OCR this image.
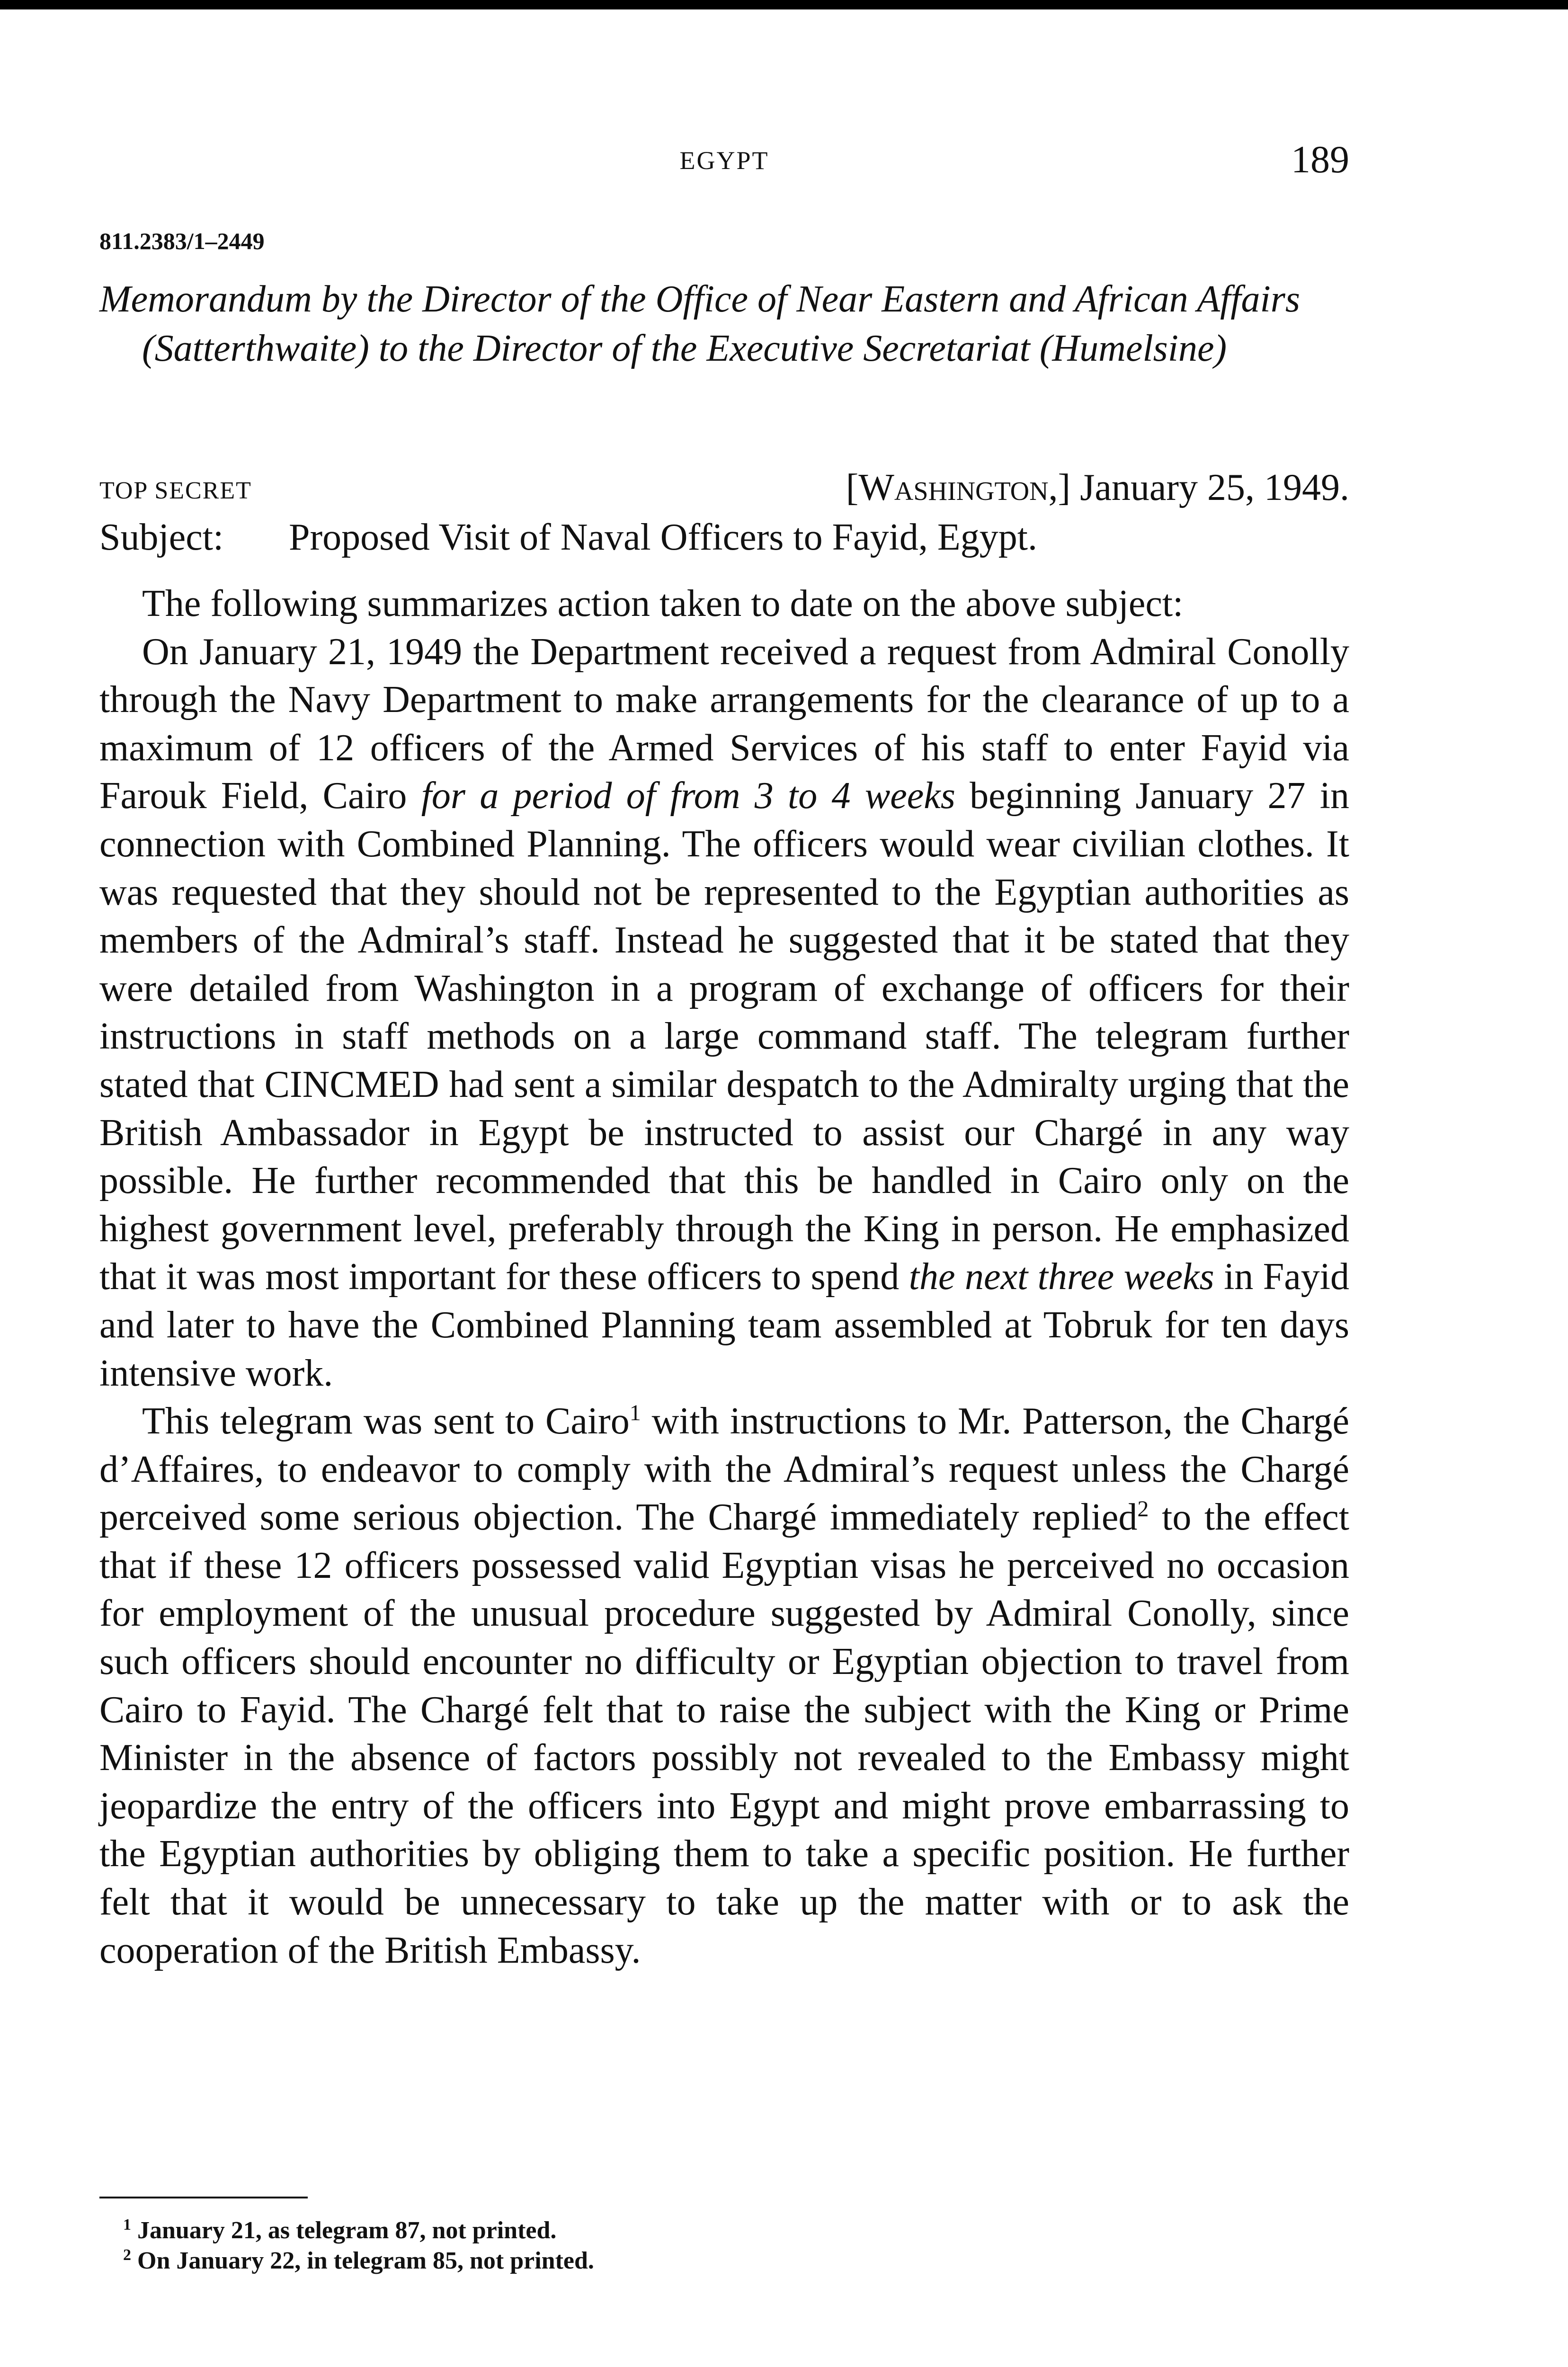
EGYPT	189
811.2383/1–2449
Memorandum by the Director of the Office of Near Eastern and African Affairs (Satterthwaite) to the Director of the Executive Secretariat (Humelsine)
TOP SECRET	[Washington,] January 25, 1949.
Subject: Proposed Visit of Naval Officers to Fayid, Egypt.

The following summarizes action taken to date on the above subject:

On January 21, 1949 the Department received a request from Admiral Conolly through the Navy Department to make arrangements for the clearance of up to a maximum of 12 officers of the Armed Services of his staff to enter Fayid via Farouk Field, Cairo for a period of from 3 to 4 weeks beginning January 27 in connection with Combined Planning. The officers would wear civilian clothes. It was requested that they should not be represented to the Egyptian authorities as members of the Admiral’s staff. Instead he suggested that it be stated that they were detailed from Washington in a program of exchange of officers for their instructions in staff methods on a large command staff. The telegram further stated that CINCMED had sent a similar despatch to the Admiralty urging that the British Ambassador in Egypt be instructed to assist our Chargé in any way possible. He further recommended that this be handled in Cairo only on the highest government level, preferably through the King in person. He emphasized that it was most important for these officers to spend the next three weeks in Fayid and later to have the Combined Planning team assembled at Tobruk for ten days intensive work.

This telegram was sent to Cairo$^1$ with instructions to Mr. Patterson, the Chargé d’Affaires, to endeavor to comply with the Admiral’s request unless the Chargé perceived some serious objection. The Chargé immediately replied$^2$ to the effect that if these 12 officers possessed valid Egyptian visas he perceived no occasion for employment of the unusual procedure suggested by Admiral Conolly, since such officers should encounter no difficulty or Egyptian objection to travel from Cairo to Fayid. The Chargé felt that to raise the subject with the King or Prime Minister in the absence of factors possibly not revealed to the Embassy might jeopardize the entry of the officers into Egypt and might prove embarrassing to the Egyptian authorities by obliging them to take a specific position. He further felt that it would be unnecessary to take up the matter with or to ask the cooperation of the British Embassy.

$^1$ January 21, as telegram 87, not printed.
$^2$ On January 22, in telegram 85, not printed.
